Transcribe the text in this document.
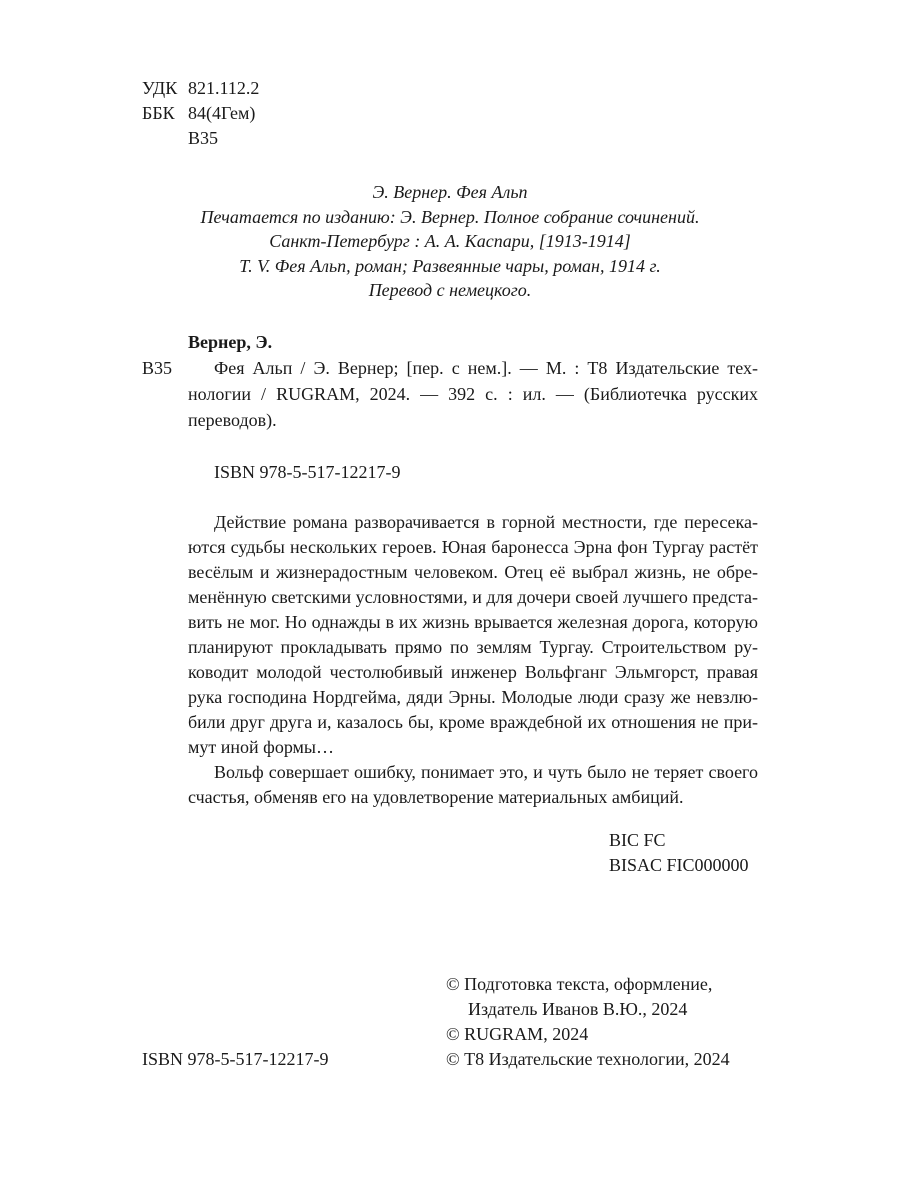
УДК 821.112.2
ББК 84(4Гем)
В35
Э. Вернер. Фея Альп
Печатается по изданию: Э. Вернер. Полное собрание сочинений.
Санкт-Петербург : А. А. Каспари, [1913-1914]
Т. V. Фея Альп, роман; Развеянные чары, роман, 1914 г.
Перевод с немецкого.
Вернер, Э.
В35	Фея Альп / Э. Вернер; [пер. с нем.]. — М. : Т8 Издательские тех-
нологии / RUGRAM, 2024. — 392 с. : ил. — (Библиотечка русских
переводов).
ISBN 978-5-517-12217-9
Действие романа разворачивается в горной местности, где пересека-
ются судьбы нескольких героев. Юная баронесса Эрна фон Тургау растёт
весёлым и жизнерадостным человеком. Отец её выбрал жизнь, не обре-
менённую светскими условностями, и для дочери своей лучшего предста-
вить не мог. Но однажды в их жизнь врывается железная дорога, которую
планируют прокладывать прямо по землям Тургау. Строительством ру-
ководит молодой честолюбивый инженер Вольфганг Эльмгорст, правая
рука господина Нордгейма, дяди Эрны. Молодые люди сразу же невзлю-
били друг друга и, казалось бы, кроме враждебной их отношения не при-
мут иной формы…
Вольф совершает ошибку, понимает это, и чуть было не теряет своего
счастья, обменяв его на удовлетворение материальных амбиций.
BIC FC
BISAC FIC000000
© Подготовка текста, оформление,
Издатель Иванов В.Ю., 2024
© RUGRAM, 2024
© Т8 Издательские технологии, 2024
ISBN 978-5-517-12217-9
